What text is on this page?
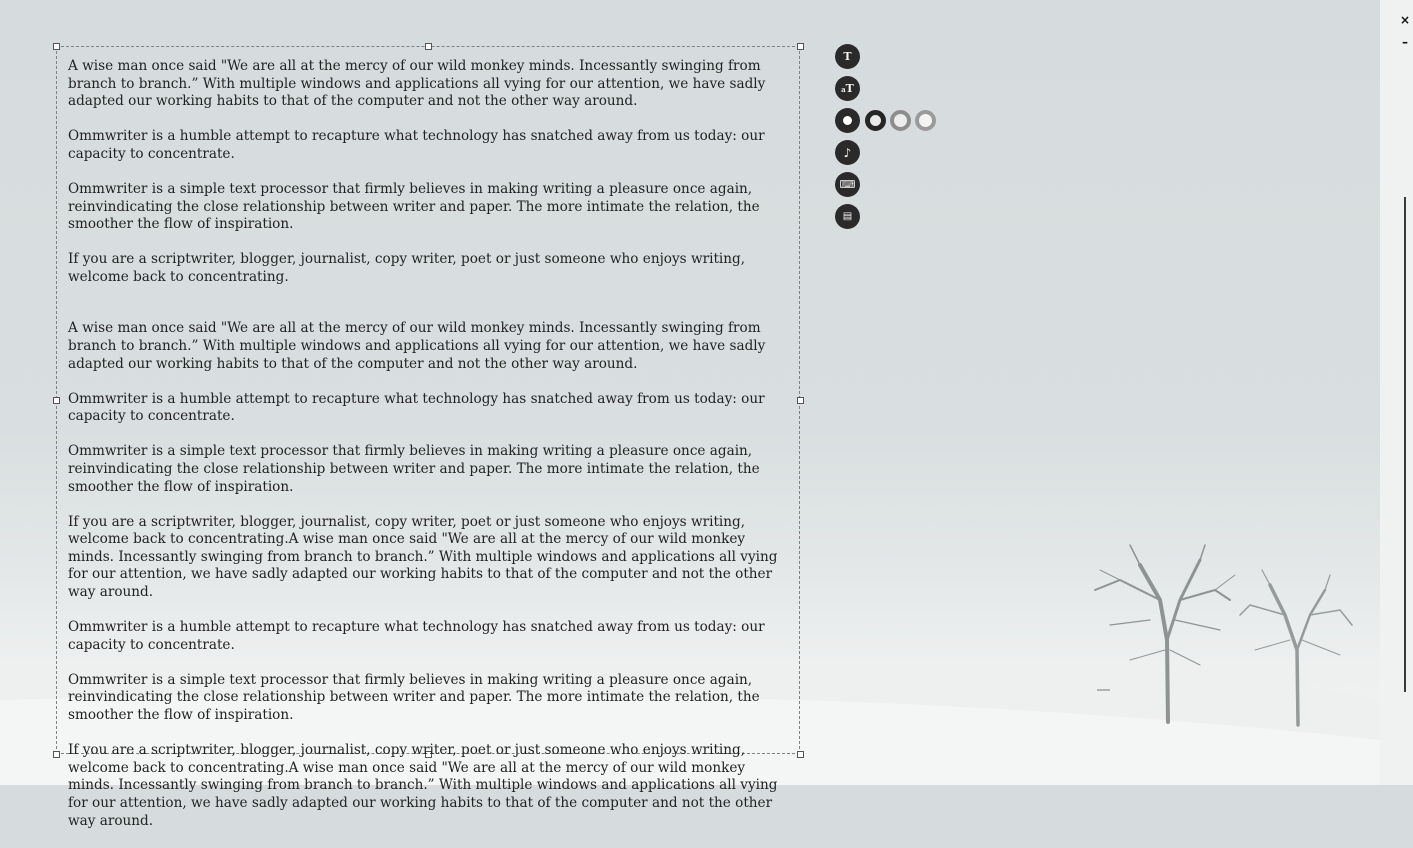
A wise man once said "We are all at the mercy of our wild monkey minds. Incessantly swinging from branch to branch.” With multiple windows and applications all vying for our attention, we have sadly adapted our working habits to that of the computer and not the other way around.

Ommwriter is a humble attempt to recapture what technology has snatched away from us today: our capacity to concentrate.

Ommwriter is a simple text processor that firmly believes in making writing a pleasure once again, reinvindicating the close relationship between writer and paper. The more intimate the relation, the smoother the flow of inspiration.

If you are a scriptwriter, blogger, journalist, copy writer, poet or just someone who enjoys writing, welcome back to concentrating.

A wise man once said "We are all at the mercy of our wild monkey minds. Incessantly swinging from branch to branch.” With multiple windows and applications all vying for our attention, we have sadly adapted our working habits to that of the computer and not the other way around.

Ommwriter is a humble attempt to recapture what technology has snatched away from us today: our capacity to concentrate.

Ommwriter is a simple text processor that firmly believes in making writing a pleasure once again, reinvindicating the close relationship between writer and paper. The more intimate the relation, the smoother the flow of inspiration.

If you are a scriptwriter, blogger, journalist, copy writer, poet or just someone who enjoys writing, welcome back to concentrating.A wise man once said "We are all at the mercy of our wild monkey minds. Incessantly swinging from branch to branch.” With multiple windows and applications all vying for our attention, we have sadly adapted our working habits to that of the computer and not the other way around.

Ommwriter is a humble attempt to recapture what technology has snatched away from us today: our capacity to concentrate.

Ommwriter is a simple text processor that firmly believes in making writing a pleasure once again, reinvindicating the close relationship between writer and paper. The more intimate the relation, the smoother the flow of inspiration.

If you are a scriptwriter, blogger, journalist, copy writer, poet or just someone who enjoys writing, welcome back to concentrating.A wise man once said "We are all at the mercy of our wild monkey minds. Incessantly swinging from branch to branch.” With multiple windows and applications all vying for our attention, we have sadly adapted our working habits to that of the computer and not the other way around.

T
aT
♪
⌨
▤
×
–
